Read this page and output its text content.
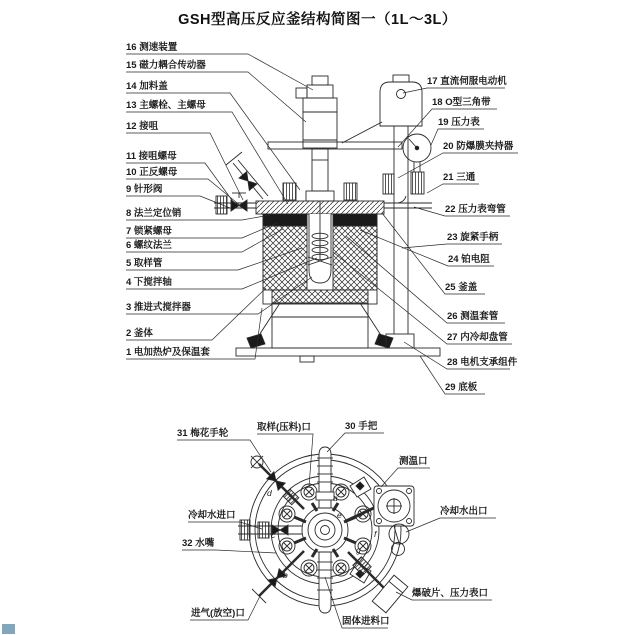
GSH型高压反应釜结构简图一（1L～3L）
16 测速装置
15 磁力耦合传动器
14 加料盖
13 主螺栓、主螺母
12 接咀
11 接咀螺母
10 正反螺母
9 针形阀
8 法兰定位销
7 锁紧螺母
6 螺纹法兰
5 取样管
4 下搅拌轴
3 推进式搅拌器
2 釜体
1 电加热炉及保温套
17 直流伺服电动机
18 O型三角带
19 压力表
20 防爆膜夹持器
21 三通
22 压力表弯管
23 旋紧手柄
24 铂电阻
25 釜盖
26 测温套管
27 内冷却盘管
28 电机支承组件
29 底板
31 梅花手轮
取样(压料)口	30 手把
测温口
冷却水进口
32 水嘴
冷却水出口
进气(放空)口
固体进料口
爆破片、压力表口
a
b
c
d
e
f
g
